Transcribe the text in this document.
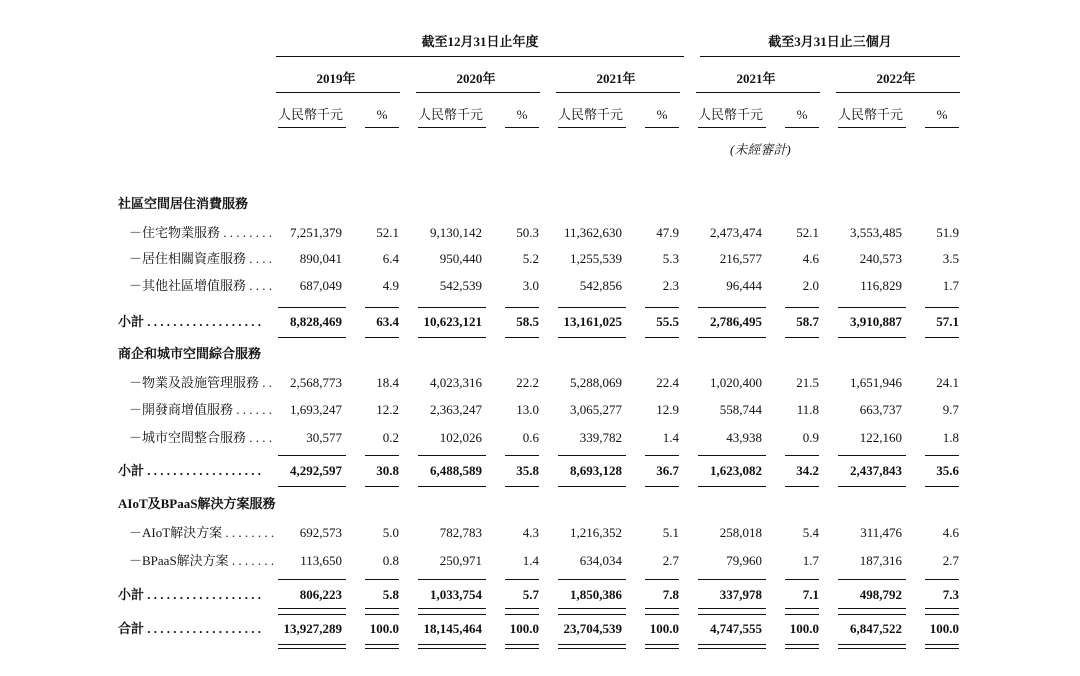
截至12月31日止年度	截至3月31日止三個月
2019年
人民幣千元	%
2020年
人民幣千元	%
2021年
人民幣千元	%
2021年
人民幣千元	%
2022年
人民幣千元	%
(未經審計)
社區空間居住消費服務
－住宅物業服務 . . . . . . . .	7,251,379	52.1	9,130,142	50.3	11,362,630	47.9	2,473,474	52.1	3,553,485	51.9
－居住相關資產服務 . . . .	890,041	6.4	950,440	5.2	1,255,539	5.3	216,577	4.6	240,573	3.5
－其他社區增值服務 . . . .	687,049	4.9	542,539	3.0	542,856	2.3	96,444	2.0	116,829	1.7
小計 . . . . . . . . . . . . . . . . . .	8,828,469	63.4	10,623,121	58.5	13,161,025	55.5	2,786,495	58.7	3,910,887	57.1
商企和城市空間綜合服務
－物業及設施管理服務 . .	2,568,773	18.4	4,023,316	22.2	5,288,069	22.4	1,020,400	21.5	1,651,946	24.1
－開發商增值服務 . . . . . .	1,693,247	12.2	2,363,247	13.0	3,065,277	12.9	558,744	11.8	663,737	9.7
－城市空間整合服務 . . . .	30,577	0.2	102,026	0.6	339,782	1.4	43,938	0.9	122,160	1.8
小計 . . . . . . . . . . . . . . . . . .	4,292,597	30.8	6,488,589	35.8	8,693,128	36.7	1,623,082	34.2	2,437,843	35.6
AIoT及BPaaS解決方案服務
－AIoT解決方案 . . . . . . . .	692,573	5.0	782,783	4.3	1,216,352	5.1	258,018	5.4	311,476	4.6
－BPaaS解決方案 . . . . . . .	113,650	0.8	250,971	1.4	634,034	2.7	79,960	1.7	187,316	2.7
小計 . . . . . . . . . . . . . . . . . .	806,223	5.8	1,033,754	5.7	1,850,386	7.8	337,978	7.1	498,792	7.3
合計 . . . . . . . . . . . . . . . . . .	13,927,289	100.0	18,145,464	100.0	23,704,539	100.0	4,747,555	100.0	6,847,522	100.0
